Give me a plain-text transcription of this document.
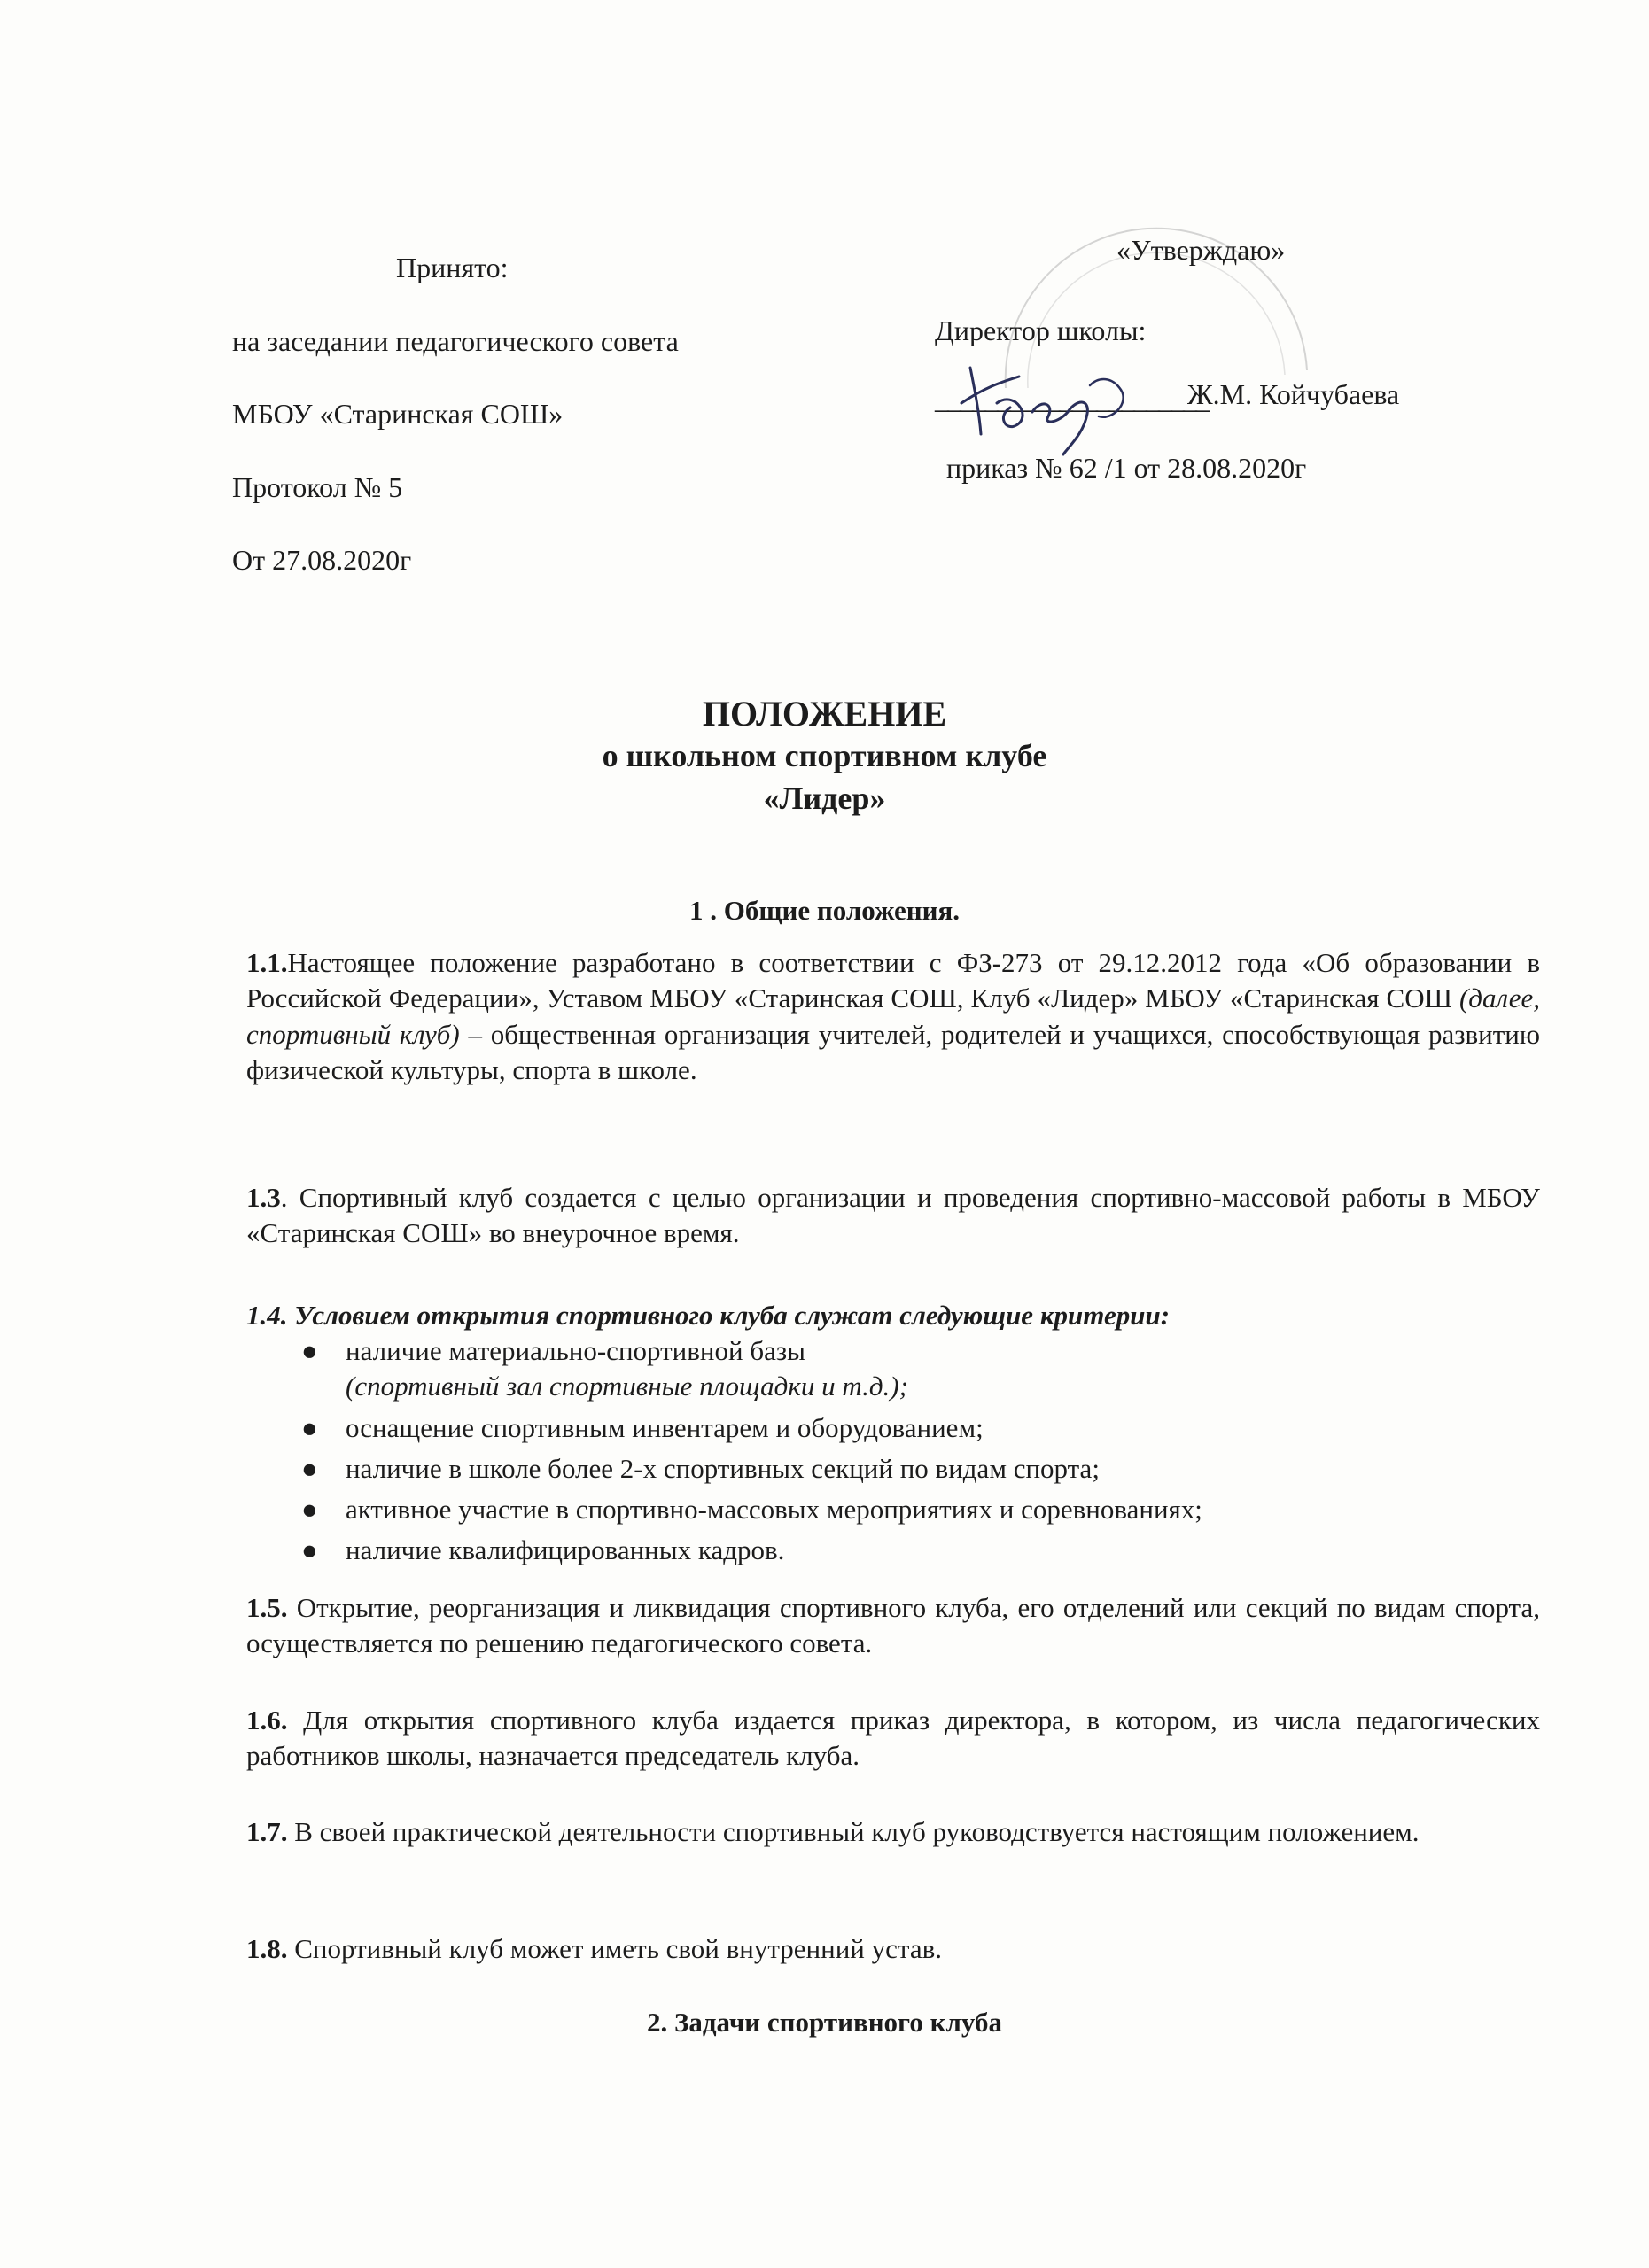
Принято:

на заседании педагогического совета

МБОУ «Старинская СОШ»

Протокол № 5

От 27.08.2020г

«Утверждаю»

Директор школы:

______________________

Ж.М. Койчубаева

приказ № 62 /1 от 28.08.2020г

ПОЛОЖЕНИЕ

о школьном спортивном клубе

«Лидер»

1 . Общие положения.

1.1.Настоящее положение разработано в соответствии с ФЗ-273 от 29.12.2012 года «Об образовании в Российской Федерации», Уставом МБОУ «Старинская СОШ, Клуб «Лидер» МБОУ «Старинская СОШ (далее, спортивный клуб) – общественная организация учителей, родителей и учащихся, способствующая развитию физической культуры, спорта в школе.

1.3. Спортивный клуб создается с целью организации и проведения спортивно-массовой работы в МБОУ «Старинская СОШ» во внеурочное время.

1.4. Условием открытия спортивного клуба служат следующие критерии:

● наличие материально-спортивной базы
(спортивный зал спортивные площадки и т.д.);
● оснащение спортивным инвентарем и оборудованием;
● наличие в школе более 2-х спортивных секций по видам спорта;
● активное участие в спортивно-массовых мероприятиях и соревнованиях;
● наличие квалифицированных кадров.

1.5. Открытие, реорганизация и ликвидация спортивного клуба, его отделений или секций по видам спорта, осуществляется по решению педагогического совета.

1.6. Для открытия спортивного клуба издается приказ директора, в котором, из числа педагогических работников школы, назначается председатель клуба.

1.7. В своей практической деятельности спортивный клуб руководствуется настоящим положением.

1.8. Спортивный клуб может иметь свой внутренний устав.

2. Задачи спортивного клуба
